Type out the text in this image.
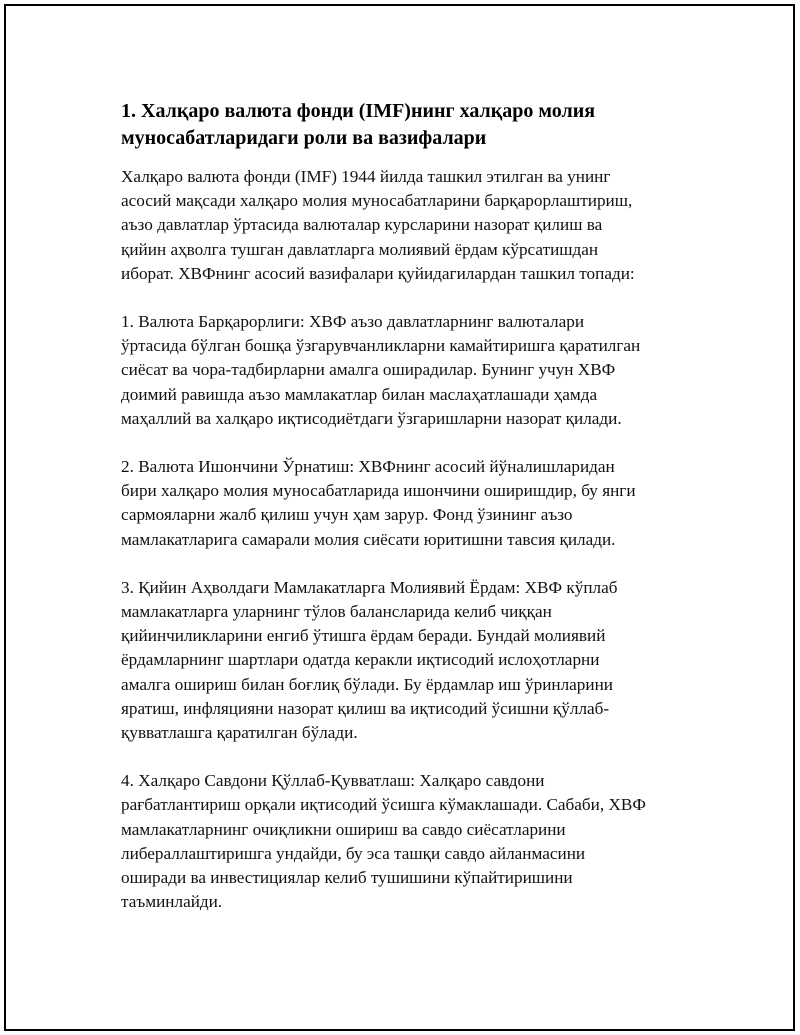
1. Халқаро валюта фонди (IMF)нинг халқаро молия
муносабатларидаги роли ва вазифалари

Халқаро валюта фонди (IMF) 1944 йилда ташкил этилган ва унинг
асосий мақсади халқаро молия муносабатларини барқарорлаштириш,
аъзо давлатлар ўртасида валюталар курсларини назорат қилиш ва
қийин аҳволга тушган давлатларга молиявий ёрдам кўрсатишдан
иборат. ХВФнинг асосий вазифалари қуйидагилардан ташкил топади:

1. Валюта Барқарорлиги: ХВФ аъзо давлатларнинг валюталари
ўртасида бўлган бошқа ўзгарувчанликларни камайтиришга қаратилган
сиёсат ва чора-тадбирларни амалга оширадилар. Бунинг учун ХВФ
доимий равишда аъзо мамлакатлар билан маслаҳатлашади ҳамда
маҳаллий ва халқаро иқтисодиётдаги ўзгаришларни назорат қилади.

2. Валюта Ишончини Ўрнатиш: ХВФнинг асосий йўналишларидан
бири халқаро молия муносабатларида ишончини оширишдир, бу янги
сармояларни жалб қилиш учун ҳам зарур. Фонд ўзининг аъзо
мамлакатларига самарали молия сиёсати юритишни тавсия қилади.

3. Қийин Аҳволдаги Мамлакатларга Молиявий Ёрдам: ХВФ кўплаб
мамлакатларга уларнинг тўлов балансларида келиб чиққан
қийинчиликларини енгиб ўтишга ёрдам беради. Бундай молиявий
ёрдамларнинг шартлари одатда керакли иқтисодий ислоҳотларни
амалга ошириш билан боғлиқ бўлади. Бу ёрдамлар иш ўринларини
яратиш, инфляцияни назорат қилиш ва иқтисодий ўсишни қўллаб-
қувватлашга қаратилган бўлади.

4. Халқаро Савдони Қўллаб-Қувватлаш: Халқаро савдони
рағбатлантириш орқали иқтисодий ўсишга кўмаклашади. Сабаби, ХВФ
мамлакатларнинг очиқликни ошириш ва савдо сиёсатларини
либераллаштиришга ундайди, бу эса ташқи савдо айланмасини
оширади ва инвестициялар келиб тушишини кўпайтиришини
таъминлайди.
